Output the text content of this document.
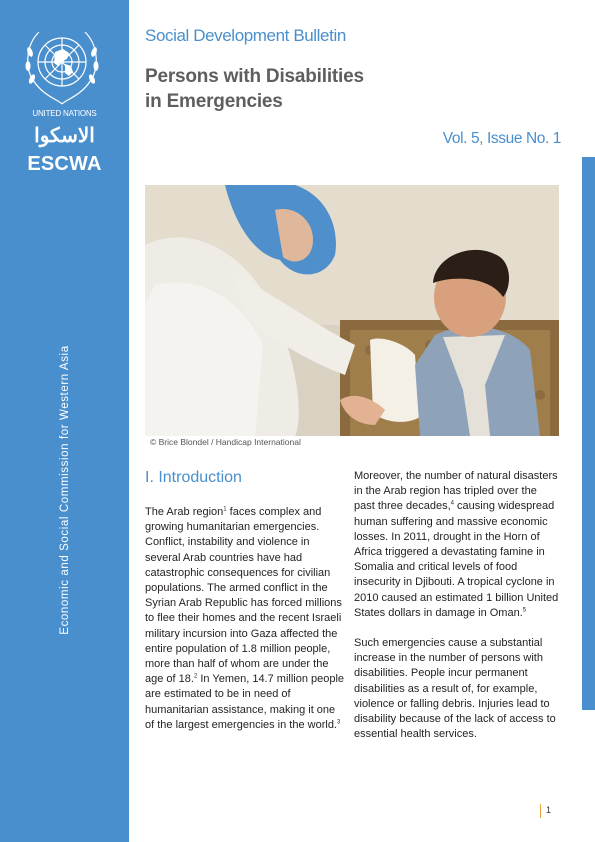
UNITED NATIONS
الاسكوا
ESCWA
Economic and Social Commission for Western Asia
Social Development Bulletin
Persons with Disabilities
in Emergencies
Vol. 5, Issue No. 1
© Brice Blondel / Handicap International
I. Introduction

The Arab region$^1$ faces complex and growing humanitarian emergencies. Conflict, instability and violence in several Arab countries have had catastrophic consequences for civilian populations. The armed conflict in the Syrian Arab Republic has forced millions to flee their homes and the recent Israeli military incursion into Gaza affected the entire population of 1.8 million people, more than half of whom are under the age of 18.$^2$ In Yemen, 14.7 million people are estimated to be in need of humanitarian assistance, making it one of the largest emergencies in the world.$^3$

Moreover, the number of natural disasters in the Arab region has tripled over the past three decades,$^4$ causing widespread human suffering and massive economic losses. In 2011, drought in the Horn of Africa triggered a devastating famine in Somalia and critical levels of food insecurity in Djibouti. A tropical cyclone in 2010 caused an estimated 1 billion United States dollars in damage in Oman.$^5$

Such emergencies cause a substantial increase in the number of persons with disabilities. People incur permanent disabilities as a result of, for example, violence or falling debris. Injuries lead to disability because of the lack of access to essential health services.

1
